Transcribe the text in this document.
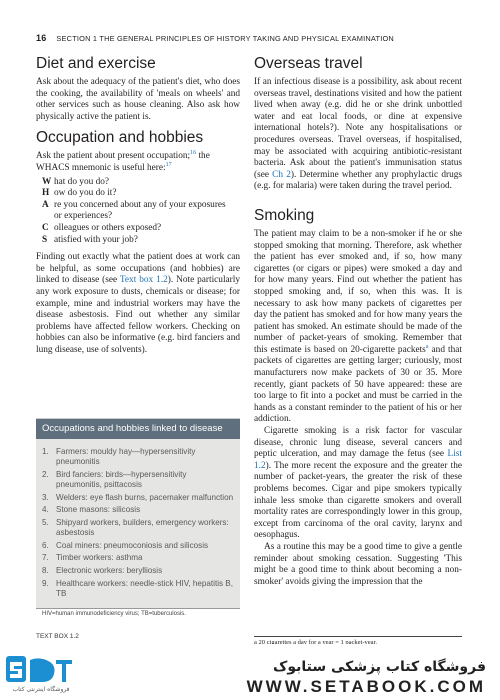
16 SECTION 1 THE GENERAL PRINCIPLES OF HISTORY TAKING AND PHYSICAL EXAMINATION
Diet and exercise

Ask about the adequacy of the patient's diet, who does the cooking, the availability of 'meals on wheels' and other services such as house cleaning. Also ask how physically active the patient is.

Occupation and hobbies

Ask the patient about present occupation;$^{16}$ the WHACS mnemonic is useful here:$^{17}$

W hat do you do?
H ow do you do it?
A re you concerned about any of your exposures
or experiences?
C olleagues or others exposed?
S atisfied with your job?

Finding out exactly what the patient does at work can be helpful, as some occupations (and hobbies) are linked to disease (see Text box 1.2). Note particularly any work exposure to dusts, chemicals or disease; for example, mine and industrial workers may have the disease asbestosis. Find out whether any similar problems have affected fellow workers. Checking on hobbies can also be informative (e.g. bird fanciers and lung disease, use of solvents).

Occupations and hobbies linked to disease
1. Farmers: mouldy hay—hypersensitivity pneumonitis
2. Bird fanciers: birds—hypersensitivity pneumonitis, psittacosis
3. Welders: eye flash burns, pacemaker malfunction
4. Stone masons: silicosis
5. Shipyard workers, builders, emergency workers: asbestosis
6. Coal miners: pneumoconiosis and silicosis
7. Timber workers: asthma
8. Electronic workers: berylliosis
9. Healthcare workers: needle-stick HIV, hepatitis B, TB
HIV=human immunodeficiency virus; TB=tuberculosis.
TEXT BOX 1.2
Overseas travel

If an infectious disease is a possibility, ask about recent overseas travel, destinations visited and how the patient lived when away (e.g. did he or she drink unbottled water and eat local foods, or dine at expensive international hotels?). Note any hospitalisations or procedures overseas. Travel overseas, if hospitalised, may be associated with acquiring antibiotic-resistant bacteria. Ask about the patient's immunisation status (see Ch 2). Determine whether any prophylactic drugs (e.g. for malaria) were taken during the travel period.

Smoking

The patient may claim to be a non-smoker if he or she stopped smoking that morning. Therefore, ask whether the patient has ever smoked and, if so, how many cigarettes (or cigars or pipes) were smoked a day and for how many years. Find out whether the patient has stopped smoking and, if so, when this was. It is necessary to ask how many packets of cigarettes per day the patient has smoked and for how many years the patient has smoked. An estimate should be made of the number of packet-years of smoking. Remember that this estimate is based on 20-cigarette packets$^a$ and that packets of cigarettes are getting larger; curiously, most manufacturers now make packets of 30 or 35. More recently, giant packets of 50 have appeared: these are too large to fit into a pocket and must be carried in the hands as a constant reminder to the patient of his or her addiction.

Cigarette smoking is a risk factor for vascular disease, chronic lung disease, several cancers and peptic ulceration, and may damage the fetus (see List 1.2). The more recent the exposure and the greater the number of packet-years, the greater the risk of these problems becomes. Cigar and pipe smokers typically inhale less smoke than cigarette smokers and overall mortality rates are correspondingly lower in this group, except from carcinoma of the oral cavity, larynx and oesophagus.

As a routine this may be a good time to give a gentle reminder about smoking cessation. Suggesting 'This might be a good time to think about becoming a non-smoker' avoids giving the impression that the

a 20 cigarettes a day for a year = 1 packet-year.
فروشگاه اینترنتی کتاب
فروشگاه کتاب پزشکی ستابوک
WWW.SETABOOK.COM
